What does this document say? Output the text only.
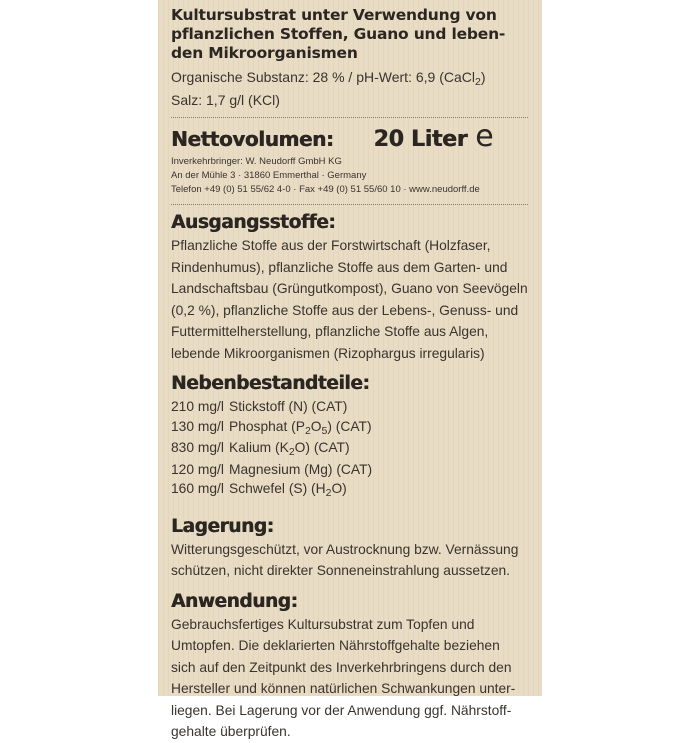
Kultursubstrat unter Verwendung von
pflanzlichen Stoffen, Guano und leben-
den Mikroorganismen
Organische Substanz: 28 % / pH-Wert: 6,9 (CaCl$_2$)
Salz: 1,7 g/l (KCl)
Nettovolumen: 20 Liter e
Inverkehrbringer: W. Neudorff GmbH KG
An der Mühle 3 · 31860 Emmerthal · Germany
Telefon +49 (0) 51 55/62 4-0 · Fax +49 (0) 51 55/60 10 · www.neudorff.de
Ausgangsstoffe:
Pflanzliche Stoffe aus der Forstwirtschaft (Holzfaser,
Rindenhumus), pflanzliche Stoffe aus dem Garten- und
Landschaftsbau (Grüngutkompost), Guano von Seevögeln
(0,2 %), pflanzliche Stoffe aus der Lebens-, Genuss- und
Futtermittelherstellung, pflanzliche Stoffe aus Algen,
lebende Mikroorganismen (Rizophargus irregularis)
Nebenbestandteile:
210 mg/l Stickstoff (N) (CAT)
130 mg/l Phosphat $(P_2O_5)$ (CAT)
830 mg/l Kalium $(K_2O)$ (CAT)
120 mg/l Magnesium (Mg) (CAT)
160 mg/l Schwefel (S) $(H_2O)$
Lagerung:
Witterungsgeschützt, vor Austrocknung bzw. Vernässung
schützen, nicht direkter Sonneneinstrahlung aussetzen.
Anwendung:
Gebrauchsfertiges Kultursubstrat zum Topfen und
Umtopfen. Die deklarierten Nährstoffgehalte beziehen
sich auf den Zeitpunkt des Inverkehrbringens durch den
Hersteller und können natürlichen Schwankungen unter-
liegen. Bei Lagerung vor der Anwendung ggf. Nährstoff-
gehalte überprüfen.
